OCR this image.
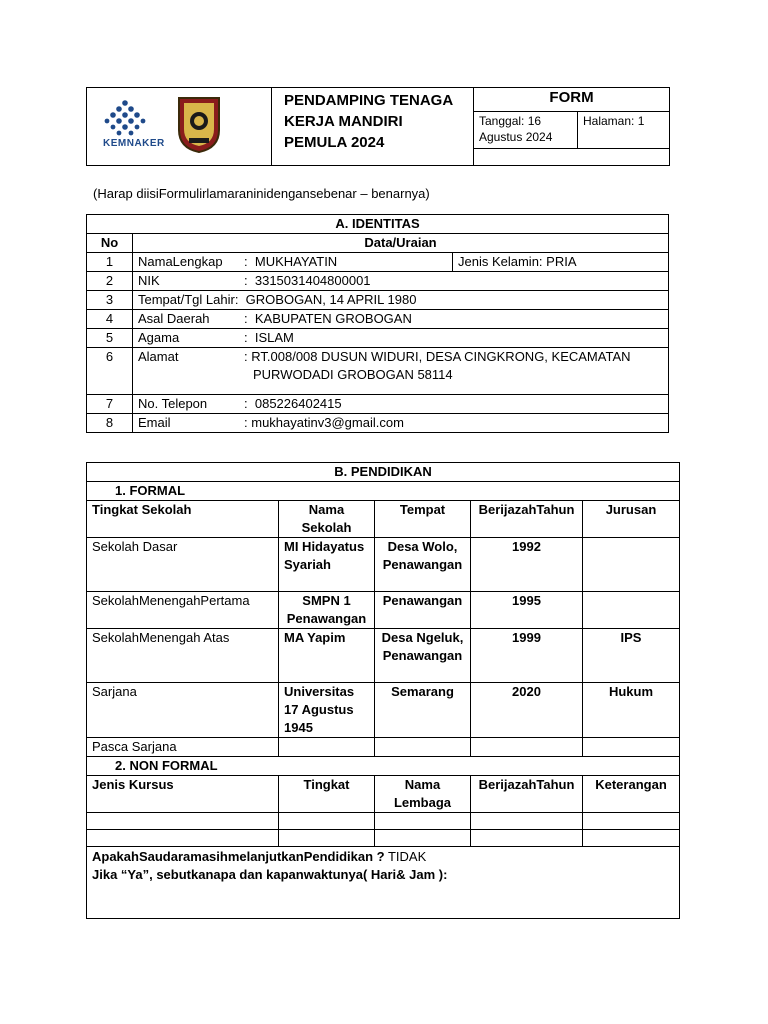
KEMNAKER	PENDAMPING TENAGA
KERJA MANDIRI
PEMULA 2024	FORM	

		Tanggal: 16
Agustus 2024	Halaman: 1

(Harap diisiFormulirlamaraninidengansebenar – benarnya)
A. IDENTITAS		
No	Data/Uraian	
1	NamaLengkap : MUKHAYATIN	Jenis Kelamin: PRIA
2	NIK : 3315031404800001	
3	Tempat/Tgl Lahir: GROBOGAN, 14 APRIL 1980	
4	Asal Daerah : KABUPATEN GROBOGAN	
5	Agama : ISLAM	
6	Alamat : RT.008/008 DUSUN WIDURI, DESA CINGKRONG, KECAMATAN
PURWODADI GROBOGAN 58114	
7	No. Telepon : 085226402415	
8	Email : mukhayatinv3@gmail.com	
B. PENDIDIKAN				
1. FORMAL				
Tingkat Sekolah	Nama Sekolah	Tempat	BerijazahTahun	Jurusan
Sekolah Dasar	MI Hidayatus Syariah	Desa Wolo, Penawangan	1992	
SekolahMenengahPertama	SMPN 1 Penawangan	Penawangan	1995	
SekolahMenengah Atas	MA Yapim	Desa Ngeluk, Penawangan	1999	IPS
Sarjana	Universitas 17 Agustus 1945	Semarang	2020	Hukum
Pasca Sarjana				
2. NON FORMAL				
Jenis Kursus	Tingkat	Nama Lembaga	BerijazahTahun	Keterangan

ApakahSaudaramasihmelanjutkanPendidikan ? TIDAK
Jika “Ya”, sebutkanapa dan kapanwaktunya( Hari& Jam ):				
